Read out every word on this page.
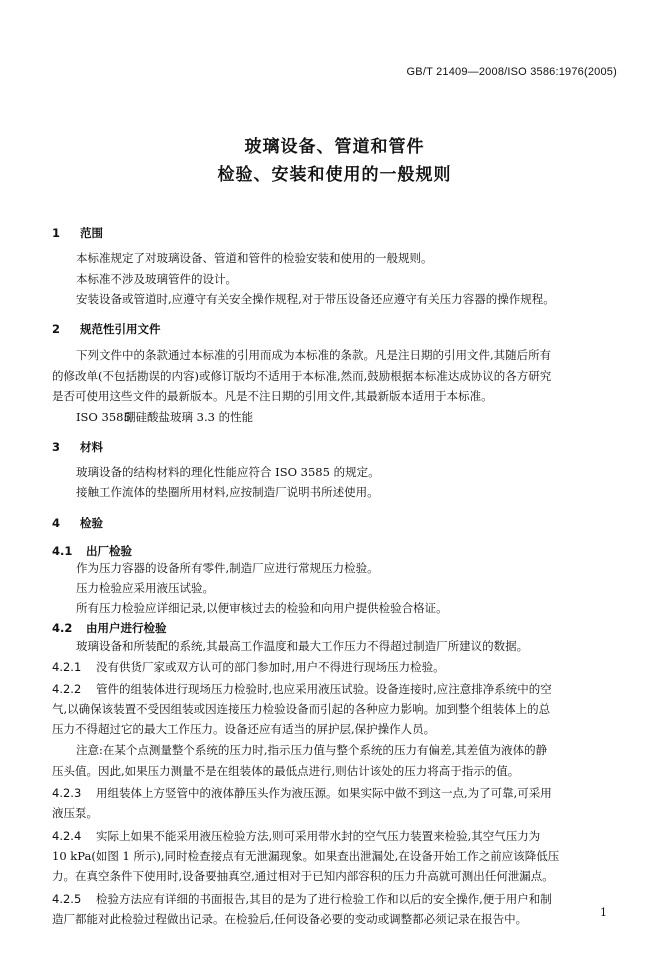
GB/T 21409—2008/ISO 3586:1976(2005)
玻璃设备、管道和管件
检验、安装和使用的一般规则
1 范围
本标准规定了对玻璃设备、管道和管件的检验安装和使用的一般规则。
本标准不涉及玻璃管件的设计。
安装设备或管道时,应遵守有关安全操作规程,对于带压设备还应遵守有关压力容器的操作规程。
2 规范性引用文件
下列文件中的条款通过本标准的引用而成为本标准的条款。凡是注日期的引用文件,其随后所有
的修改单(不包括勘误的内容)或修订版均不适用于本标准,然而,鼓励根据本标准达成协议的各方研究
是否可使用这些文件的最新版本。凡是不注日期的引用文件,其最新版本适用于本标准。
ISO 3585硼硅酸盐玻璃 3.3 的性能
3 材料
玻璃设备的结构材料的理化性能应符合 ISO 3585 的规定。
接触工作流体的垫圈所用材料,应按制造厂说明书所述使用。
4 检验
4.1 出厂检验
作为压力容器的设备所有零件,制造厂应进行常规压力检验。
压力检验应采用液压试验。
所有压力检验应详细记录,以便审核过去的检验和向用户提供检验合格证。
4.2 由用户进行检验
玻璃设备和所装配的系统,其最高工作温度和最大工作压力不得超过制造厂所建议的数据。
4.2.1 没有供货厂家或双方认可的部门参加时,用户不得进行现场压力检验。
4.2.2 管件的组装体进行现场压力检验时,也应采用液压试验。设备连接时,应注意排净系统中的空
气,以确保该装置不受因组装或因连接压力检验设备而引起的各种应力影响。加到整个组装体上的总
压力不得超过它的最大工作压力。设备还应有适当的屏护层,保护操作人员。
注意:在某个点测量整个系统的压力时,指示压力值与整个系统的压力有偏差,其差值为液体的静
压头值。因此,如果压力测量不是在组装体的最低点进行,则估计该处的压力将高于指示的值。
4.2.3 用组装体上方竖管中的液体静压头作为液压源。如果实际中做不到这一点,为了可靠,可采用
液压泵。
4.2.4 实际上如果不能采用液压检验方法,则可采用带水封的空气压力装置来检验,其空气压力为
10 kPa(如图 1 所示),同时检查接点有无泄漏现象。如果查出泄漏处,在设备开始工作之前应该降低压
力。在真空条件下使用时,设备要抽真空,通过相对于已知内部容积的压力升高就可测出任何泄漏点。
4.2.5 检验方法应有详细的书面报告,其目的是为了进行检验工作和以后的安全操作,便于用户和制
造厂都能对此检验过程做出记录。在检验后,任何设备必要的变动或调整都必须记录在报告中。	1
